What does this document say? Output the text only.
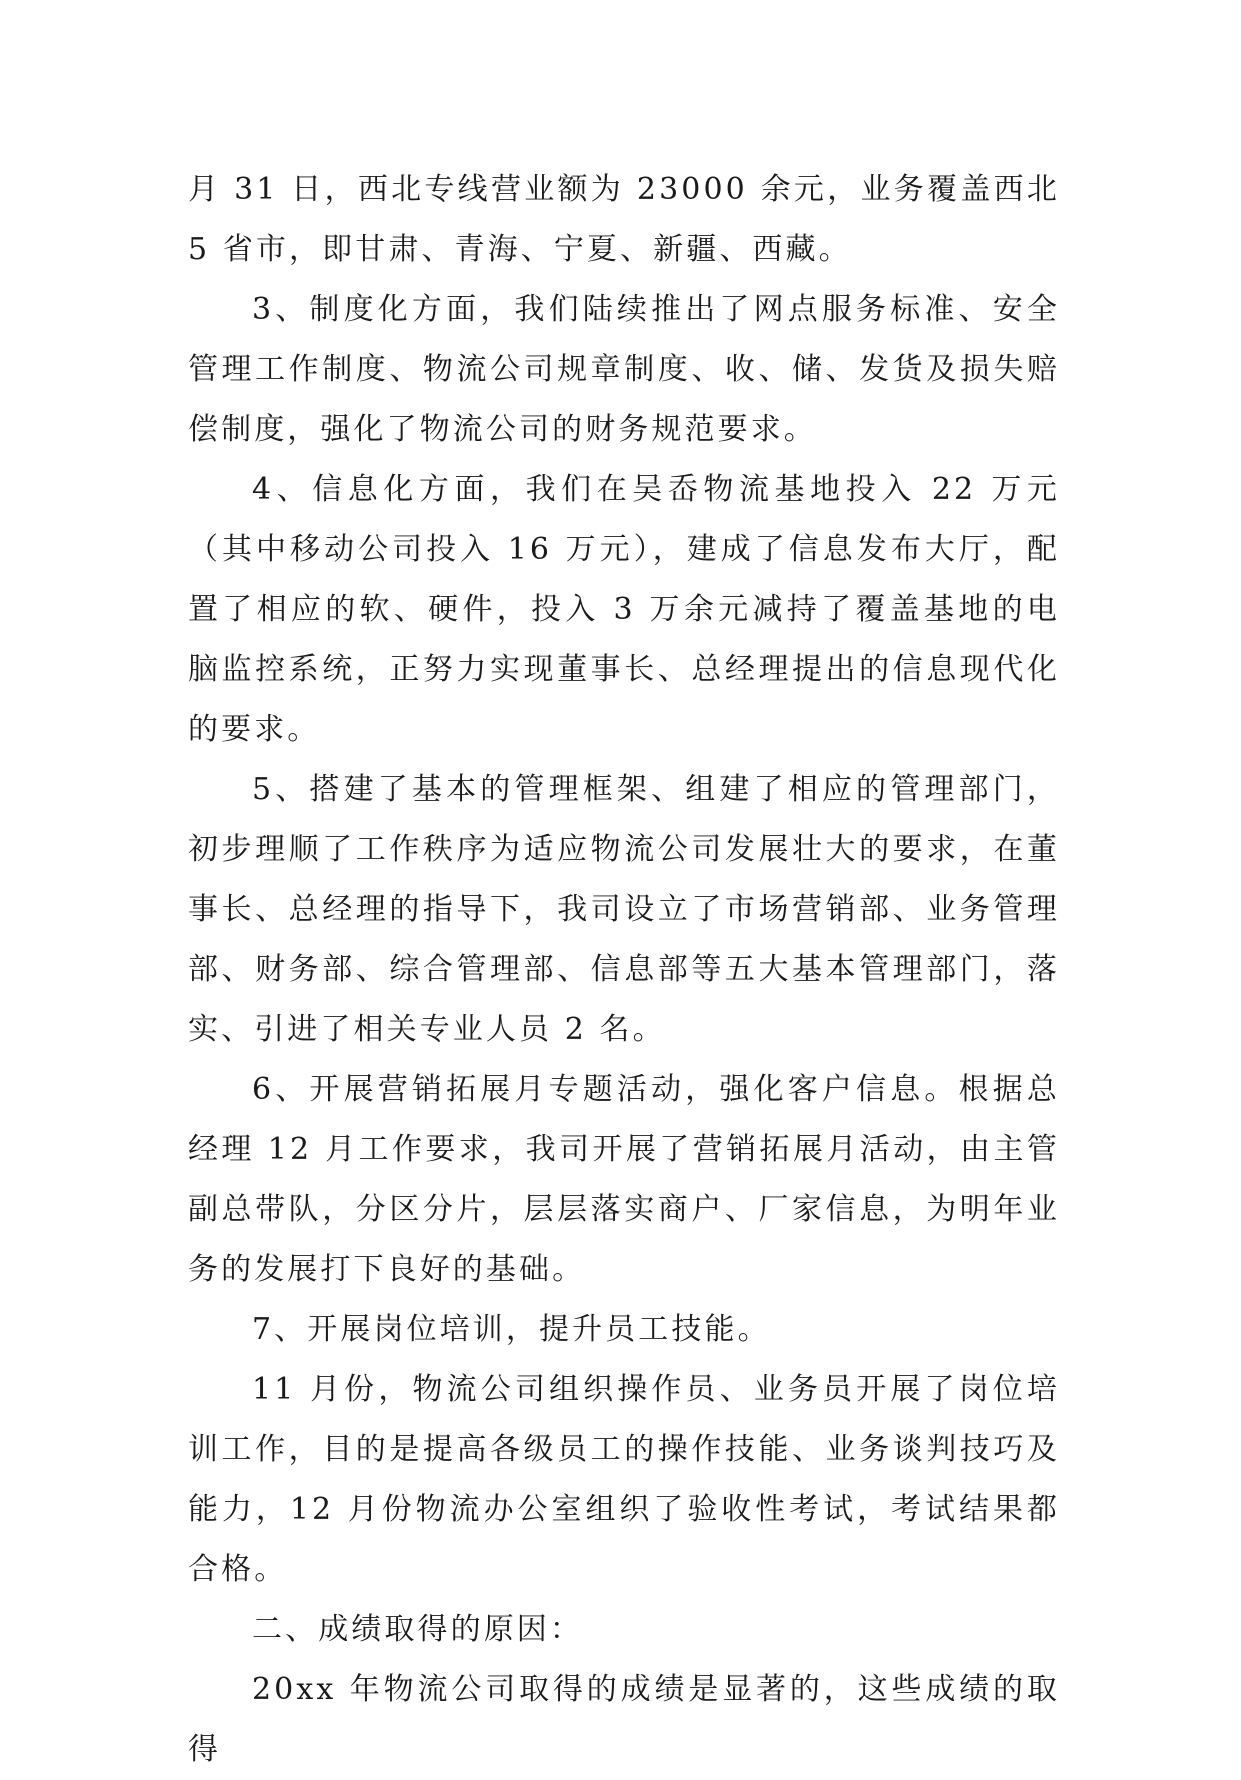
月 31 日，西北专线营业额为 23000 余元，业务覆盖西北 5 省市，即甘肃、青海、宁夏、新疆、西藏。

3、制度化方面，我们陆续推出了网点服务标准、安全管理工作制度、物流公司规章制度、收、储、发货及损失赔偿制度，强化了物流公司的财务规范要求。

4、信息化方面，我们在吴岙物流基地投入 22 万元（其中移动公司投入 16 万元），建成了信息发布大厅，配置了相应的软、硬件，投入 3 万余元减持了覆盖基地的电脑监控系统，正努力实现董事长、总经理提出的信息现代化的要求。

5、搭建了基本的管理框架、组建了相应的管理部门，初步理顺了工作秩序为适应物流公司发展壮大的要求，在董事长、总经理的指导下，我司设立了市场营销部、业务管理部、财务部、综合管理部、信息部等五大基本管理部门，落实、引进了相关专业人员 2 名。

6、开展营销拓展月专题活动，强化客户信息。根据总经理 12 月工作要求，我司开展了营销拓展月活动，由主管副总带队，分区分片，层层落实商户、厂家信息，为明年业务的发展打下良好的基础。

7、开展岗位培训，提升员工技能。

11 月份，物流公司组织操作员、业务员开展了岗位培训工作，目的是提高各级员工的操作技能、业务谈判技巧及能力，12 月份物流办公室组织了验收性考试，考试结果都合格。

二、成绩取得的原因：

20xx 年物流公司取得的成绩是显著的，这些成绩的取得
